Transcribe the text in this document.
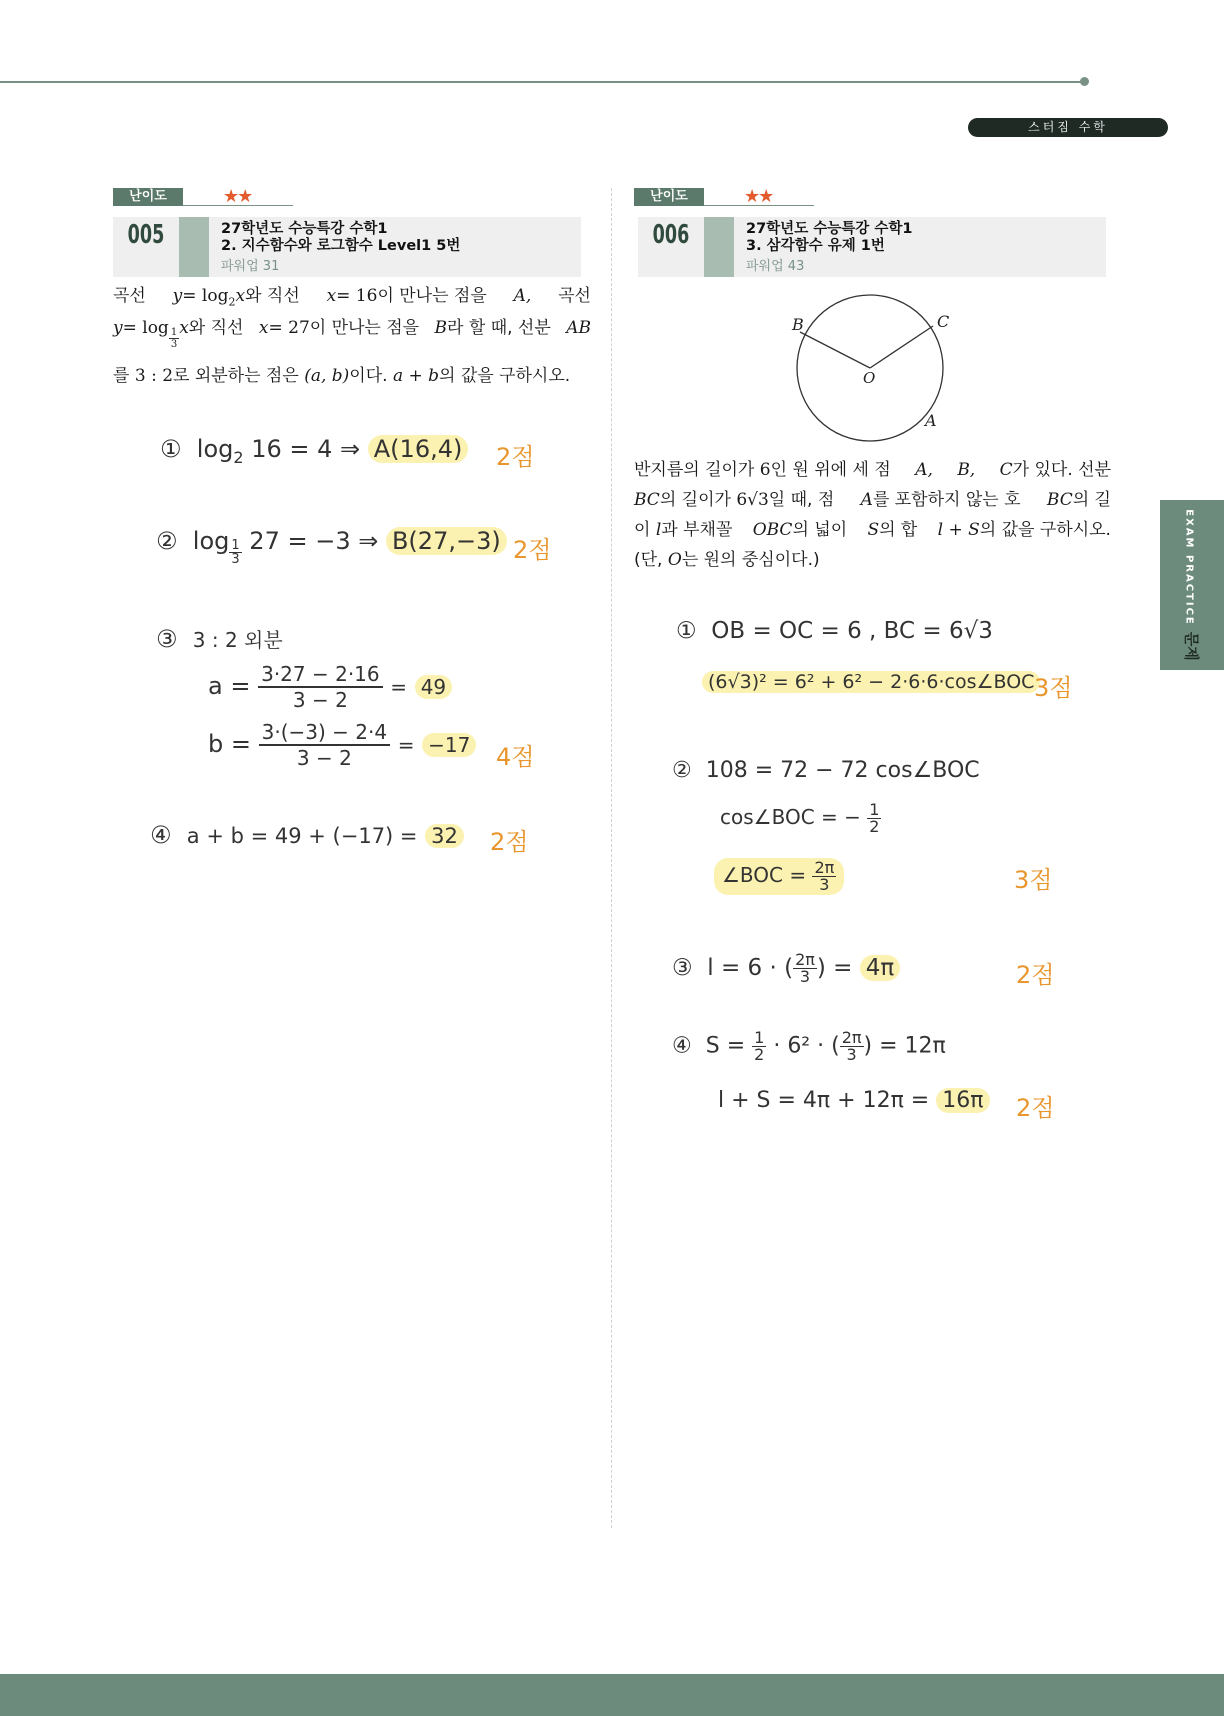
스터짐 수학
EXAM PRACTICE문제
난이도	★★
005	27학년도 수능특강 수학1
2. 지수함수와 로그함수 Level1 5번
파워업 31
곡선 $y= \log_2x$와 직선 x= 16이 만나는 점을 A, 곡선
$y= \log \frac{1}{3}x$와 직선 x= 27이 만나는 점을 B라 할 때, 선분 AB
를 3 : 2로 외분하는 점은 (a, b)이다. a + b의 값을 구하시오.
① $\log_2 16 = 4$ ⇒ A(16,4) 2점
② $\log \frac{1}{3} 27 = -3$ ⇒ B(27,−3) 2점
③ 3 : 2 외분
$a = \frac{3\cdot 27 - 2\cdot 16}{3 - 2} = 49$
$b = \frac{3\cdot(-3) - 2\cdot 4}{3 - 2} = -17$ 4점
④ a + b = 49 + (−17) = 32 2점
난이도	★★
006	27학년도 수능특강 수학1
3. 삼각함수 유제 1번
파워업 43
B	C
O
A
반지름의 길이가 6인 원 위에 세 점 A, B, C가 있다. 선분
BC의 길이가 6√3일 때, 점 A를 포함하지 않는 호 BC의 길
이 l과 부채꼴 OBC의 넓이 S의 합 l + S의 값을 구하시오.
(단, O는 원의 중심이다.)
① OB = OC = 6 , BC = 6√3
(6√3)² = 6² + 6² − 2·6·6·cos∠BOC 3점
② 108 = 72 − 72 cos∠BOC
cos∠BOC = − $\frac{1}{2}$
∠BOC = $\frac{2\pi}{3}$	3점
③ l = 6 · ( $\frac{2\pi}{3}) = 4\pi$	2점
④ $S = \frac{1}{2} \cdot 6^2$ · ( $\frac{2\pi}{3}) = 12\pi$
l + S = 4π + 12π = 16π 2점
